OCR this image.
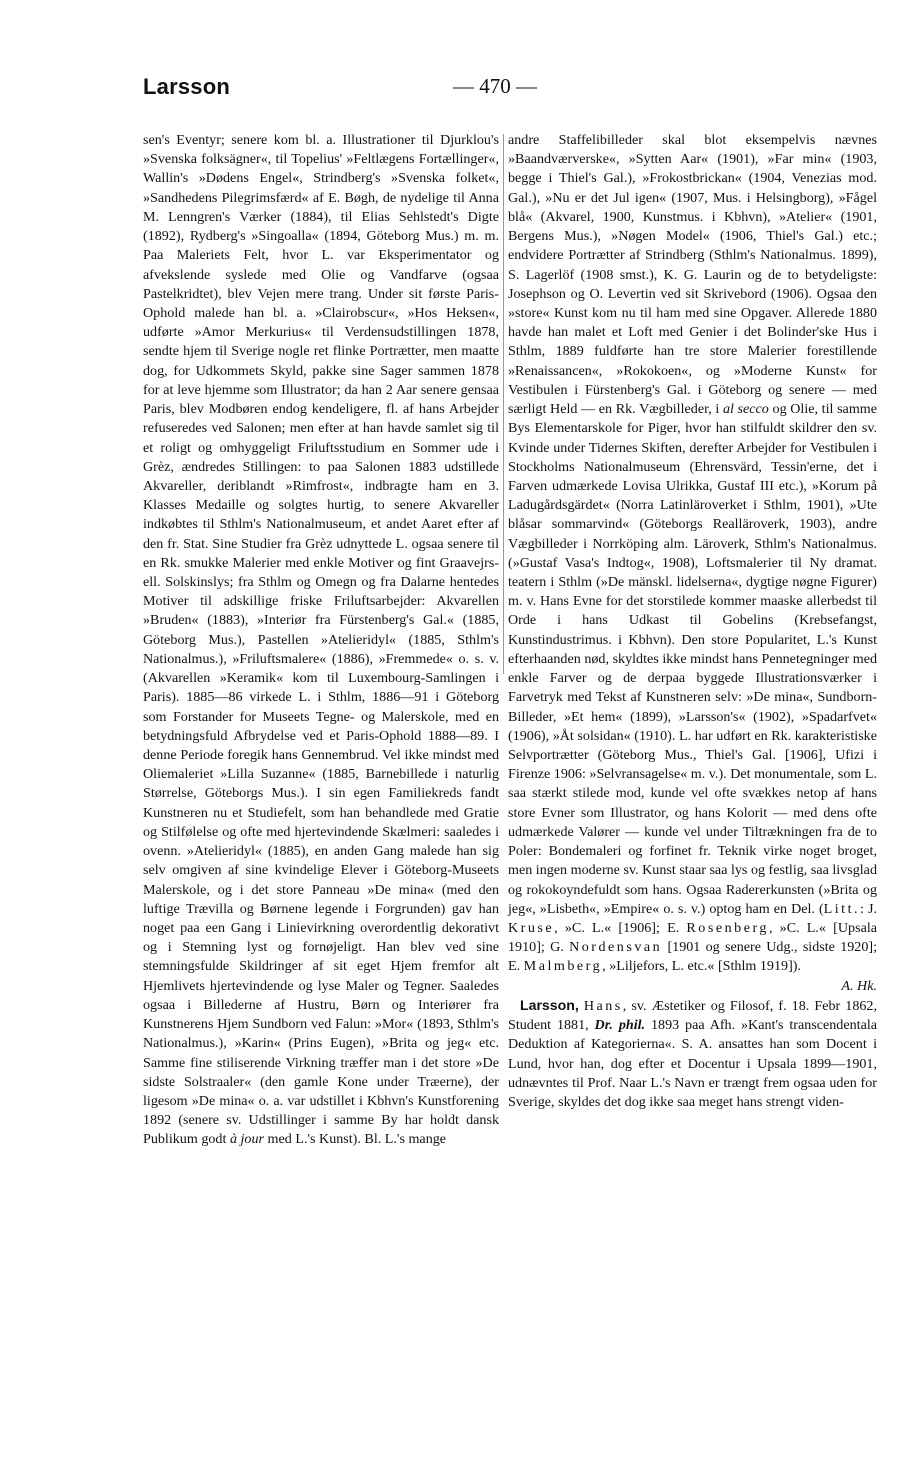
Larsson	— 470 —

sen's Eventyr; senere kom bl. a. Illustrationer til Djurklou's »Svenska folksägner«, til Topelius' »Feltlægens Fortællinger«, Wallin's »Dødens Engel«, Strindberg's »Svenska folket«, »Sandhedens Pilegrimsfærd« af E. Bøgh, de nydelige til Anna M. Lenngren's Værker (1884), til Elias Sehlstedt's Digte (1892), Rydberg's »Singoalla« (1894, Göteborg Mus.) m. m. Paa Maleriets Felt, hvor L. var Eksperimentator og afvekslende syslede med Olie og Vandfarve (ogsaa Pastelkridtet), blev Vejen mere trang. Under sit første Paris-Ophold malede han bl. a. »Clairobscur«, »Hos Heksen«, udførte »Amor Merkurius« til Verdensudstillingen 1878, sendte hjem til Sverige nogle ret flinke Portrætter, men maatte dog, for Udkommets Skyld, pakke sine Sager sammen 1878 for at leve hjemme som Illustrator; da han 2 Aar senere gensaa Paris, blev Modbøren endog kendeligere, fl. af hans Arbejder refuseredes ved Salonen; men efter at han havde samlet sig til et roligt og omhyggeligt Friluftsstudium en Sommer ude i Grèz, ændredes Stillingen: to paa Salonen 1883 udstillede Akvareller, deriblandt »Rimfrost«, indbragte ham en 3. Klasses Medaille og solgtes hurtig, to senere Akvareller indkøbtes til Sthlm's Nationalmuseum, et andet Aaret efter af den fr. Stat. Sine Studier fra Grèz udnyttede L. ogsaa senere til en Rk. smukke Malerier med enkle Motiver og fint Graavejrs- ell. Solskinslys; fra Sthlm og Omegn og fra Dalarne hentedes Motiver til adskillige friske Friluftsarbejder: Akvarellen »Bruden« (1883), »Interiør fra Fürstenberg's Gal.« (1885, Göteborg Mus.), Pastellen »Atelieridyl« (1885, Sthlm's Nationalmus.), »Friluftsmalere« (1886), »Fremmede« o. s. v. (Akvarellen »Keramik« kom til Luxembourg-Samlingen i Paris). 1885—86 virkede L. i Sthlm, 1886—91 i Göteborg som Forstander for Museets Tegne- og Malerskole, med en betydningsfuld Afbrydelse ved et Paris-Ophold 1888—89. I denne Periode foregik hans Gennembrud. Vel ikke mindst med Oliemaleriet »Lilla Suzanne« (1885, Barnebillede i naturlig Størrelse, Göteborgs Mus.). I sin egen Familiekreds fandt Kunstneren nu et Studiefelt, som han behandlede med Gratie og Stilfølelse og ofte med hjertevindende Skælmeri: saaledes i ovenn. »Atelieridyl« (1885), en anden Gang malede han sig selv omgiven af sine kvindelige Elever i Göteborg-Museets Malerskole, og i det store Panneau »De mina« (med den luftige Trævilla og Børnene legende i Forgrunden) gav han noget paa een Gang i Linievirkning overordentlig dekorativt og i Stemning lyst og fornøjeligt. Han blev ved sine stemningsfulde Skildringer af sit eget Hjem fremfor alt Hjemlivets hjertevindende og lyse Maler og Tegner. Saaledes ogsaa i Billederne af Hustru, Børn og Interiører fra Kunstnerens Hjem Sundborn ved Falun: »Mor« (1893, Sthlm's Nationalmus.), »Karin« (Prins Eugen), »Brita og jeg« etc. Samme fine stiliserende Virkning træffer man i det store »De sidste Solstraaler« (den gamle Kone under Træerne), der ligesom »De mina« o. a. var udstillet i Kbhvn's Kunstforening 1892 (senere sv. Udstillinger i samme By har holdt dansk Publikum godt à jour med L.'s Kunst). Bl. L.'s mange

andre Staffelibilleder skal blot eksempelvis nævnes »Baandværverske«, »Sytten Aar« (1901), »Far min« (1903, begge i Thiel's Gal.), »Frokostbrickan« (1904, Venezias mod. Gal.), »Nu er det Jul igen« (1907, Mus. i Helsingborg), »Fågel blå« (Akvarel, 1900, Kunstmus. i Kbhvn), »Atelier« (1901, Bergens Mus.), »Nøgen Model« (1906, Thiel's Gal.) etc.; endvidere Portrætter af Strindberg (Sthlm's Nationalmus. 1899), S. Lagerlöf (1908 smst.), K. G. Laurin og de to betydeligste: Josephson og O. Levertin ved sit Skrivebord (1906). Ogsaa den »store« Kunst kom nu til ham med sine Opgaver. Allerede 1880 havde han malet et Loft med Genier i det Bolinder'ske Hus i Sthlm, 1889 fuldførte han tre store Malerier forestillende »Renaissancen«, »Rokokoen«, og »Moderne Kunst« for Vestibulen i Fürstenberg's Gal. i Göteborg og senere — med særligt Held — en Rk. Vægbilleder, i al secco og Olie, til samme Bys Elementarskole for Piger, hvor han stilfuldt skildrer den sv. Kvinde under Tidernes Skiften, derefter Arbejder for Vestibulen i Stockholms Nationalmuseum (Ehrensvärd, Tessin'erne, det i Farven udmærkede Lovisa Ulrikka, Gustaf III etc.), »Korum på Ladugårdsgärdet« (Norra Latinläroverket i Sthlm, 1901), »Ute blåsar sommarvind« (Göteborgs Realläroverk, 1903), andre Vægbilleder i Norrköping alm. Läroverk, Sthlm's Nationalmus. (»Gustaf Vasa's Indtog«, 1908), Loftsmalerier til Ny dramat. teatern i Sthlm (»De mänskl. lidelserna«, dygtige nøgne Figurer) m. v. Hans Evne for det storstilede kommer maaske allerbedst til Orde i hans Udkast til Gobelins (Krebsefangst, Kunstindustrimus. i Kbhvn). Den store Popularitet, L.'s Kunst efterhaanden nød, skyldtes ikke mindst hans Pennetegninger med enkle Farver og de derpaa byggede Illustrationsværker i Farvetryk med Tekst af Kunstneren selv: »De mina«, Sundborn-Billeder, »Et hem« (1899), »Larsson's« (1902), »Spadarfvet« (1906), »Åt solsidan« (1910). L. har udført en Rk. karakteristiske Selvportrætter (Göteborg Mus., Thiel's Gal. [1906], Ufizi i Firenze 1906: »Selvransagelse« m. v.). Det monumentale, som L. saa stærkt stilede mod, kunde vel ofte svækkes netop af hans store Evner som Illustrator, og hans Kolorit — med dens ofte udmærkede Valører — kunde vel under Tiltrækningen fra de to Poler: Bondemaleri og forfinet fr. Teknik virke noget broget, men ingen moderne sv. Kunst staar saa lys og festlig, saa livsglad og rokokoyndefuldt som hans. Ogsaa Radererkunsten (»Brita og jeg«, »Lisbeth«, »Empire« o. s. v.) optog ham en Del. (Litt.: J. Kruse, »C. L.« [1906]; E. Rosenberg, »C. L.« [Upsala 1910]; G. Nordensvan [1901 og senere Udg., sidste 1920]; E. Malmberg, »Liljefors, L. etc.« [Sthlm 1919]).

A. Hk.

Larsson, Hans, sv. Æstetiker og Filosof, f. 18. Febr 1862, Student 1881, Dr. phil. 1893 paa Afh. »Kant's transcendentala Deduktion af Kategorierna«. S. A. ansattes han som Docent i Lund, hvor han, dog efter et Docentur i Upsala 1899—1901, udnævntes til Prof. Naar L.'s Navn er trængt frem ogsaa uden for Sverige, skyldes det dog ikke saa meget hans strengt viden-
